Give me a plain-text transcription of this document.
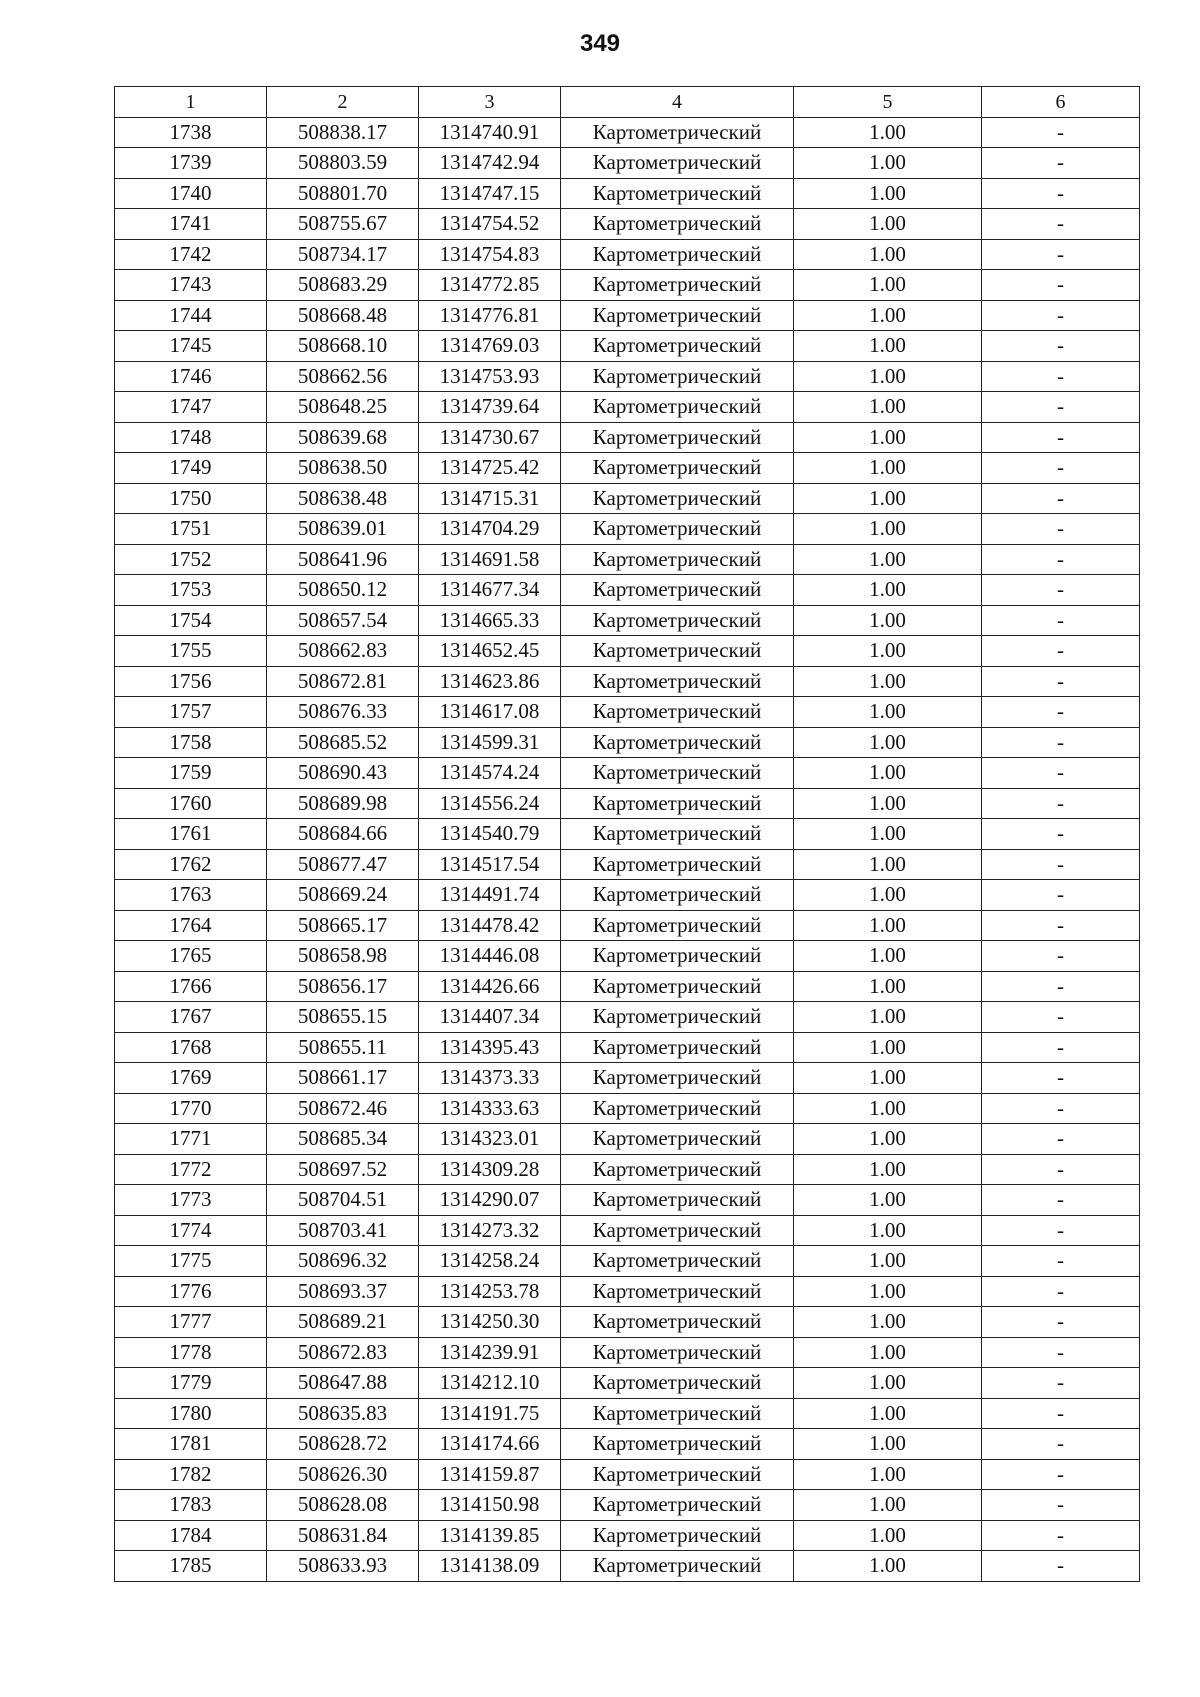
349
1	2	3	4	5	6
1738	508838.17	1314740.91	Картометрический	1.00	-
1739	508803.59	1314742.94	Картометрический	1.00	-
1740	508801.70	1314747.15	Картометрический	1.00	-
1741	508755.67	1314754.52	Картометрический	1.00	-
1742	508734.17	1314754.83	Картометрический	1.00	-
1743	508683.29	1314772.85	Картометрический	1.00	-
1744	508668.48	1314776.81	Картометрический	1.00	-
1745	508668.10	1314769.03	Картометрический	1.00	-
1746	508662.56	1314753.93	Картометрический	1.00	-
1747	508648.25	1314739.64	Картометрический	1.00	-
1748	508639.68	1314730.67	Картометрический	1.00	-
1749	508638.50	1314725.42	Картометрический	1.00	-
1750	508638.48	1314715.31	Картометрический	1.00	-
1751	508639.01	1314704.29	Картометрический	1.00	-
1752	508641.96	1314691.58	Картометрический	1.00	-
1753	508650.12	1314677.34	Картометрический	1.00	-
1754	508657.54	1314665.33	Картометрический	1.00	-
1755	508662.83	1314652.45	Картометрический	1.00	-
1756	508672.81	1314623.86	Картометрический	1.00	-
1757	508676.33	1314617.08	Картометрический	1.00	-
1758	508685.52	1314599.31	Картометрический	1.00	-
1759	508690.43	1314574.24	Картометрический	1.00	-
1760	508689.98	1314556.24	Картометрический	1.00	-
1761	508684.66	1314540.79	Картометрический	1.00	-
1762	508677.47	1314517.54	Картометрический	1.00	-
1763	508669.24	1314491.74	Картометрический	1.00	-
1764	508665.17	1314478.42	Картометрический	1.00	-
1765	508658.98	1314446.08	Картометрический	1.00	-
1766	508656.17	1314426.66	Картометрический	1.00	-
1767	508655.15	1314407.34	Картометрический	1.00	-
1768	508655.11	1314395.43	Картометрический	1.00	-
1769	508661.17	1314373.33	Картометрический	1.00	-
1770	508672.46	1314333.63	Картометрический	1.00	-
1771	508685.34	1314323.01	Картометрический	1.00	-
1772	508697.52	1314309.28	Картометрический	1.00	-
1773	508704.51	1314290.07	Картометрический	1.00	-
1774	508703.41	1314273.32	Картометрический	1.00	-
1775	508696.32	1314258.24	Картометрический	1.00	-
1776	508693.37	1314253.78	Картометрический	1.00	-
1777	508689.21	1314250.30	Картометрический	1.00	-
1778	508672.83	1314239.91	Картометрический	1.00	-
1779	508647.88	1314212.10	Картометрический	1.00	-
1780	508635.83	1314191.75	Картометрический	1.00	-
1781	508628.72	1314174.66	Картометрический	1.00	-
1782	508626.30	1314159.87	Картометрический	1.00	-
1783	508628.08	1314150.98	Картометрический	1.00	-
1784	508631.84	1314139.85	Картометрический	1.00	-
1785	508633.93	1314138.09	Картометрический	1.00	-
